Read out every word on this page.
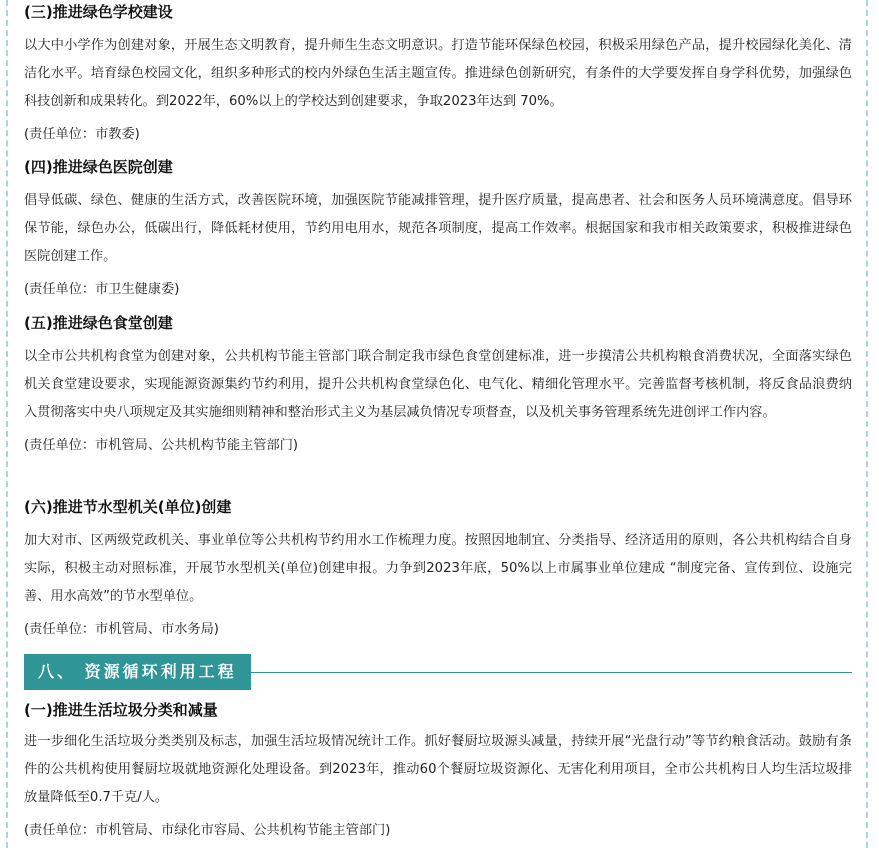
(三)推进绿色学校建设

以大中小学作为创建对象，开展生态文明教育，提升师生生态文明意识。打造节能环保绿色校园，积极采用绿色产品，提升校园绿化美化、清洁化水平。培育绿色校园文化，组织多种形式的校内外绿色生活主题宣传。推进绿色创新研究，有条件的大学要发挥自身学科优势，加强绿色科技创新和成果转化。到2022年，60%以上的学校达到创建要求，争取2023年达到 70%。

(责任单位：市教委)

(四)推进绿色医院创建

倡导低碳、绿色、健康的生活方式，改善医院环境，加强医院节能减排管理，提升医疗质量，提高患者、社会和医务人员环境满意度。倡导环保节能，绿色办公，低碳出行，降低耗材使用，节约用电用水，规范各项制度，提高工作效率。根据国家和我市相关政策要求，积极推进绿色医院创建工作。

(责任单位：市卫生健康委)

(五)推进绿色食堂创建

以全市公共机构食堂为创建对象，公共机构节能主管部门联合制定我市绿色食堂创建标准，进一步摸清公共机构粮食消费状况，全面落实绿色机关食堂建设要求，实现能源资源集约节约利用，提升公共机构食堂绿色化、电气化、精细化管理水平。完善监督考核机制，将反食品浪费纳入贯彻落实中央八项规定及其实施细则精神和整治形式主义为基层减负情况专项督查，以及机关事务管理系统先进创评工作内容。

(责任单位：市机管局、公共机构节能主管部门)

(六)推进节水型机关(单位)创建

加大对市、区两级党政机关、事业单位等公共机构节约用水工作梳理力度。按照因地制宜、分类指导、经济适用的原则，各公共机构结合自身实际，积极主动对照标准，开展节水型机关(单位)创建申报。力争到2023年底，50%以上市属事业单位建成 “制度完备、宣传到位、设施完善、用水高效”的节水型单位。

(责任单位：市机管局、市水务局)

八、 资源循环利用工程

(一)推进生活垃圾分类和减量

进一步细化生活垃圾分类类别及标志，加强生活垃圾情况统计工作。抓好餐厨垃圾源头减量，持续开展“光盘行动”等节约粮食活动。鼓励有条件的公共机构使用餐厨垃圾就地资源化处理设备。到2023年，推动60个餐厨垃圾资源化、无害化利用项目，全市公共机构日人均生活垃圾排放量降低至0.7千克/人。

(责任单位：市机管局、市绿化市容局、公共机构节能主管部门)
